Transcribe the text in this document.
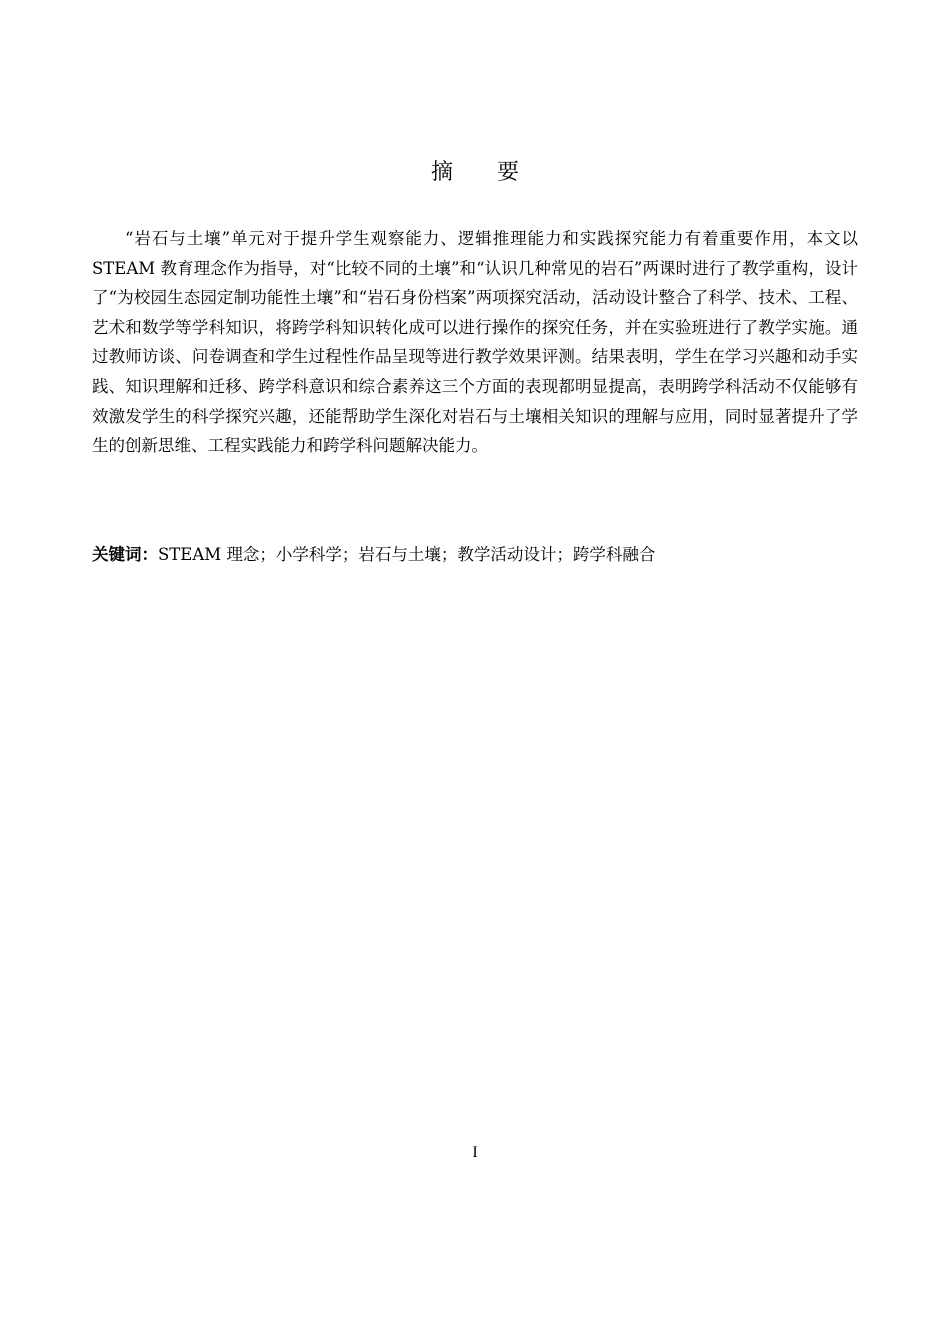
摘 要

“岩石与土壤”单元对于提升学生观察能力、逻辑推理能力和实践探究能力有着重要作用，本文以 STEAM 教育理念作为指导，对“比较不同的土壤”和“认识几种常见的岩石”两课时进行了教学重构，设计了“为校园生态园定制功能性土壤”和“岩石身份档案”两项探究活动，活动设计整合了科学、技术、工程、艺术和数学等学科知识，将跨学科知识转化成可以进行操作的探究任务，并在实验班进行了教学实施。通过教师访谈、问卷调查和学生过程性作品呈现等进行教学效果评测。结果表明，学生在学习兴趣和动手实践、知识理解和迁移、跨学科意识和综合素养这三个方面的表现都明显提高，表明跨学科活动不仅能够有效激发学生的科学探究兴趣，还能帮助学生深化对岩石与土壤相关知识的理解与应用，同时显著提升了学生的创新思维、工程实践能力和跨学科问题解决能力。

关键词：STEAM 理念；小学科学；岩石与土壤；教学活动设计；跨学科融合

I
